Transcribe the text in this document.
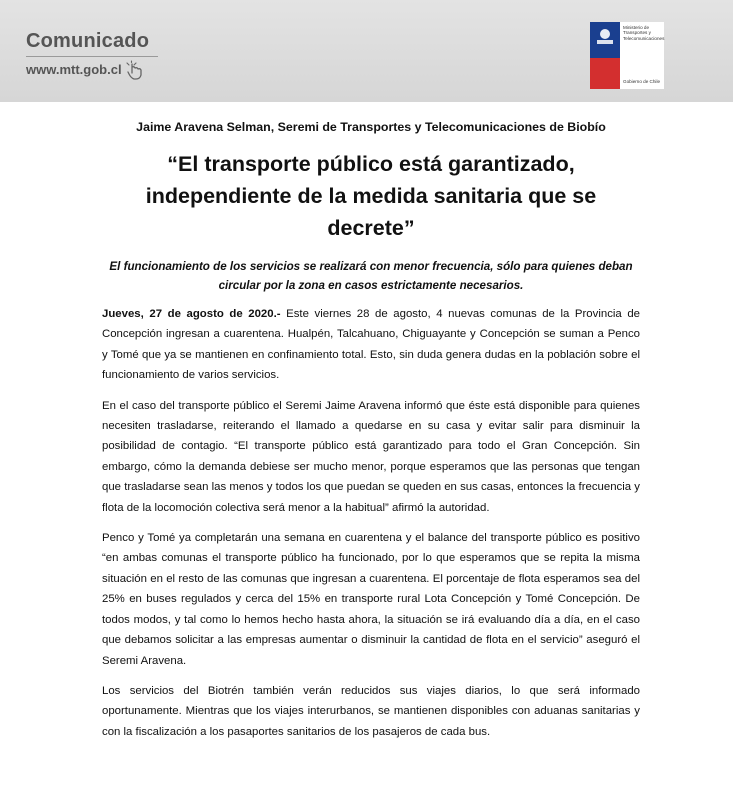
Comunicado
www.mtt.gob.cl
Ministerio de Transportes y Telecomunicaciones
Gobierno de Chile

Jaime Aravena Selman, Seremi de Transportes y Telecomunicaciones de Biobío

“El transporte público está garantizado, independiente de la medida sanitaria que se decrete”

El funcionamiento de los servicios se realizará con menor frecuencia, sólo para quienes deban circular por la zona en casos estrictamente necesarios.

Jueves, 27 de agosto de 2020.- Este viernes 28 de agosto, 4 nuevas comunas de la Provincia de Concepción ingresan a cuarentena. Hualpén, Talcahuano, Chiguayante y Concepción se suman a Penco y Tomé que ya se mantienen en confinamiento total. Esto, sin duda genera dudas en la población sobre el funcionamiento de varios servicios.

En el caso del transporte público el Seremi Jaime Aravena informó que éste está disponible para quienes necesiten trasladarse, reiterando el llamado a quedarse en su casa y evitar salir para disminuir la posibilidad de contagio. “El transporte público está garantizado para todo el Gran Concepción. Sin embargo, cómo la demanda debiese ser mucho menor, porque esperamos que las personas que tengan que trasladarse sean las menos y todos los que puedan se queden en sus casas, entonces la frecuencia y flota de la locomoción colectiva será menor a la habitual” afirmó la autoridad.

Penco y Tomé ya completarán una semana en cuarentena y el balance del transporte público es positivo “en ambas comunas el transporte público ha funcionado, por lo que esperamos que se repita la misma situación en el resto de las comunas que ingresan a cuarentena. El porcentaje de flota esperamos sea del 25% en buses regulados y cerca del 15% en transporte rural Lota Concepción y Tomé Concepción. De todos modos, y tal como lo hemos hecho hasta ahora, la situación se irá evaluando día a día, en el caso que debamos solicitar a las empresas aumentar o disminuir la cantidad de flota en el servicio” aseguró el Seremi Aravena.

Los servicios del Biotrén también verán reducidos sus viajes diarios, lo que será informado oportunamente. Mientras que los viajes interurbanos, se mantienen disponibles con aduanas sanitarias y con la fiscalización a los pasaportes sanitarios de los pasajeros de cada bus.
